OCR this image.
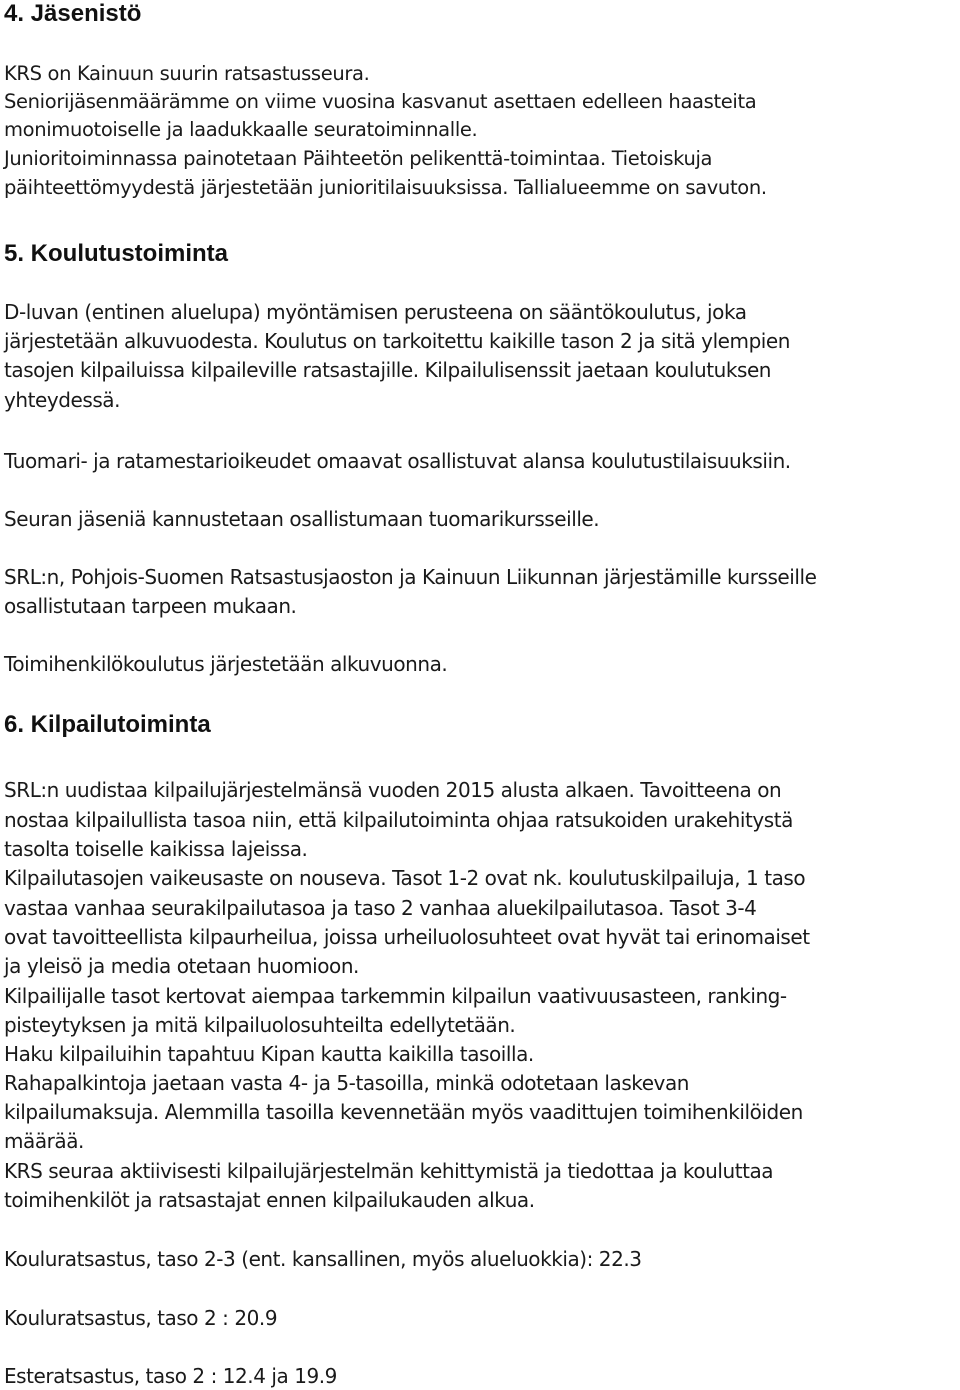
4. Jäsenistö
KRS on Kainuun suurin ratsastusseura.
Seniorijäsenmäärämme on viime vuosina kasvanut asettaen edelleen haasteita
monimuotoiselle ja laadukkaalle seuratoiminnalle.
Junioritoiminnassa painotetaan Päihteetön pelikenttä-toimintaa. Tietoiskuja
päihteettömyydestä järjestetään junioritilaisuuksissa. Tallialueemme on savuton.
5. Koulutustoiminta
D-luvan (entinen aluelupa) myöntämisen perusteena on sääntökoulutus, joka
järjestetään alkuvuodesta. Koulutus on tarkoitettu kaikille tason 2 ja sitä ylempien
tasojen kilpailuissa kilpaileville ratsastajille. Kilpailulisenssit jaetaan koulutuksen
yhteydessä.
Tuomari- ja ratamestarioikeudet omaavat osallistuvat alansa koulutustilaisuuksiin.
Seuran jäseniä kannustetaan osallistumaan tuomarikursseille.
SRL:n, Pohjois-Suomen Ratsastusjaoston ja Kainuun Liikunnan järjestämille kursseille
osallistutaan tarpeen mukaan.
Toimihenkilökoulutus järjestetään alkuvuonna.
6. Kilpailutoiminta
SRL:n uudistaa kilpailujärjestelmänsä vuoden 2015 alusta alkaen. Tavoitteena on
nostaa kilpailullista tasoa niin, että kilpailutoiminta ohjaa ratsukoiden urakehitystä
tasolta toiselle kaikissa lajeissa.
Kilpailutasojen vaikeusaste on nouseva. Tasot 1-2 ovat nk. koulutuskilpailuja, 1 taso
vastaa vanhaa seurakilpailutasoa ja taso 2 vanhaa aluekilpailutasoa. Tasot 3-4
ovat tavoitteellista kilpaurheilua, joissa urheiluolosuhteet ovat hyvät tai erinomaiset
ja yleisö ja media otetaan huomioon.
Kilpailijalle tasot kertovat aiempaa tarkemmin kilpailun vaativuusasteen, ranking-
pisteytyksen ja mitä kilpailuolosuhteilta edellytetään.
Haku kilpailuihin tapahtuu Kipan kautta kaikilla tasoilla.
Rahapalkintoja jaetaan vasta 4- ja 5-tasoilla, minkä odotetaan laskevan
kilpailumaksuja. Alemmilla tasoilla kevennetään myös vaadittujen toimihenkilöiden
määrää.
KRS seuraa aktiivisesti kilpailujärjestelmän kehittymistä ja tiedottaa ja kouluttaa
toimihenkilöt ja ratsastajat ennen kilpailukauden alkua.
Kouluratsastus, taso 2-3 (ent. kansallinen, myös alueluokkia): 22.3
Kouluratsastus, taso 2 : 20.9
Esteratsastus, taso 2 : 12.4 ja 19.9
